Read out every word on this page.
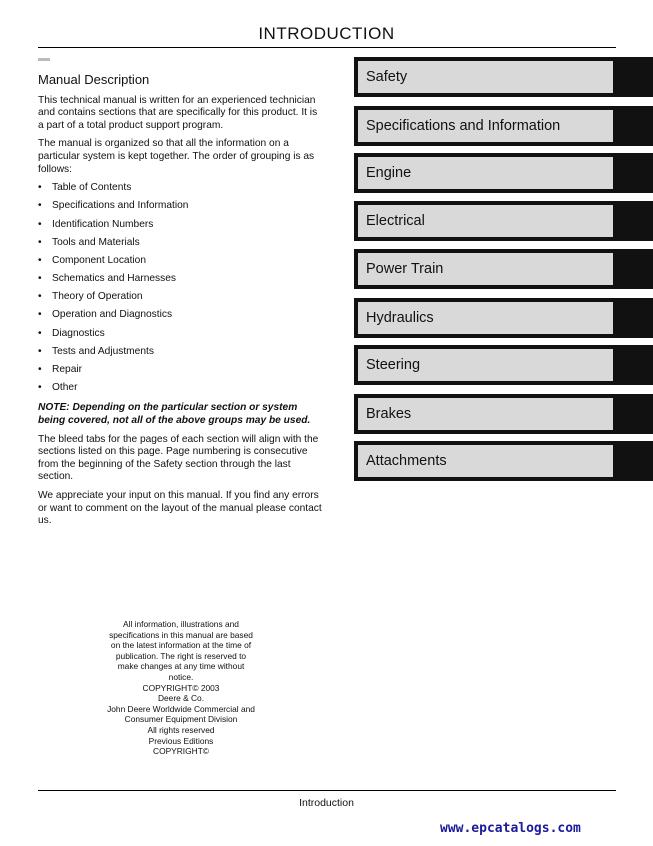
INTRODUCTION
Manual Description

This technical manual is written for an experienced technician and contains sections that are specifically for this product. It is a part of a total product support program.

The manual is organized so that all the information on a particular system is kept together. The order of grouping is as follows:

• Table of Contents
• Specifications and Information
• Identification Numbers
• Tools and Materials
• Component Location
• Schematics and Harnesses
• Theory of Operation
• Operation and Diagnostics
• Diagnostics
• Tests and Adjustments
• Repair
• Other

NOTE: Depending on the particular section or system being covered, not all of the above groups may be used.

The bleed tabs for the pages of each section will align with the sections listed on this page. Page numbering is consecutive from the beginning of the Safety section through the last section.

We appreciate your input on this manual. If you find any errors or want to comment on the layout of the manual please contact us.

Safety
Specifications and Information
Engine
Electrical
Power Train
Hydraulics
Steering
Brakes
Attachments
All information, illustrations and
specifications in this manual are based
on the latest information at the time of
publication. The right is reserved to
make changes at any time without
notice.
COPYRIGHT© 2003
Deere & Co.
John Deere Worldwide Commercial and
Consumer Equipment Division
All rights reserved
Previous Editions
COPYRIGHT©
Introduction
www.epcatalogs.com
